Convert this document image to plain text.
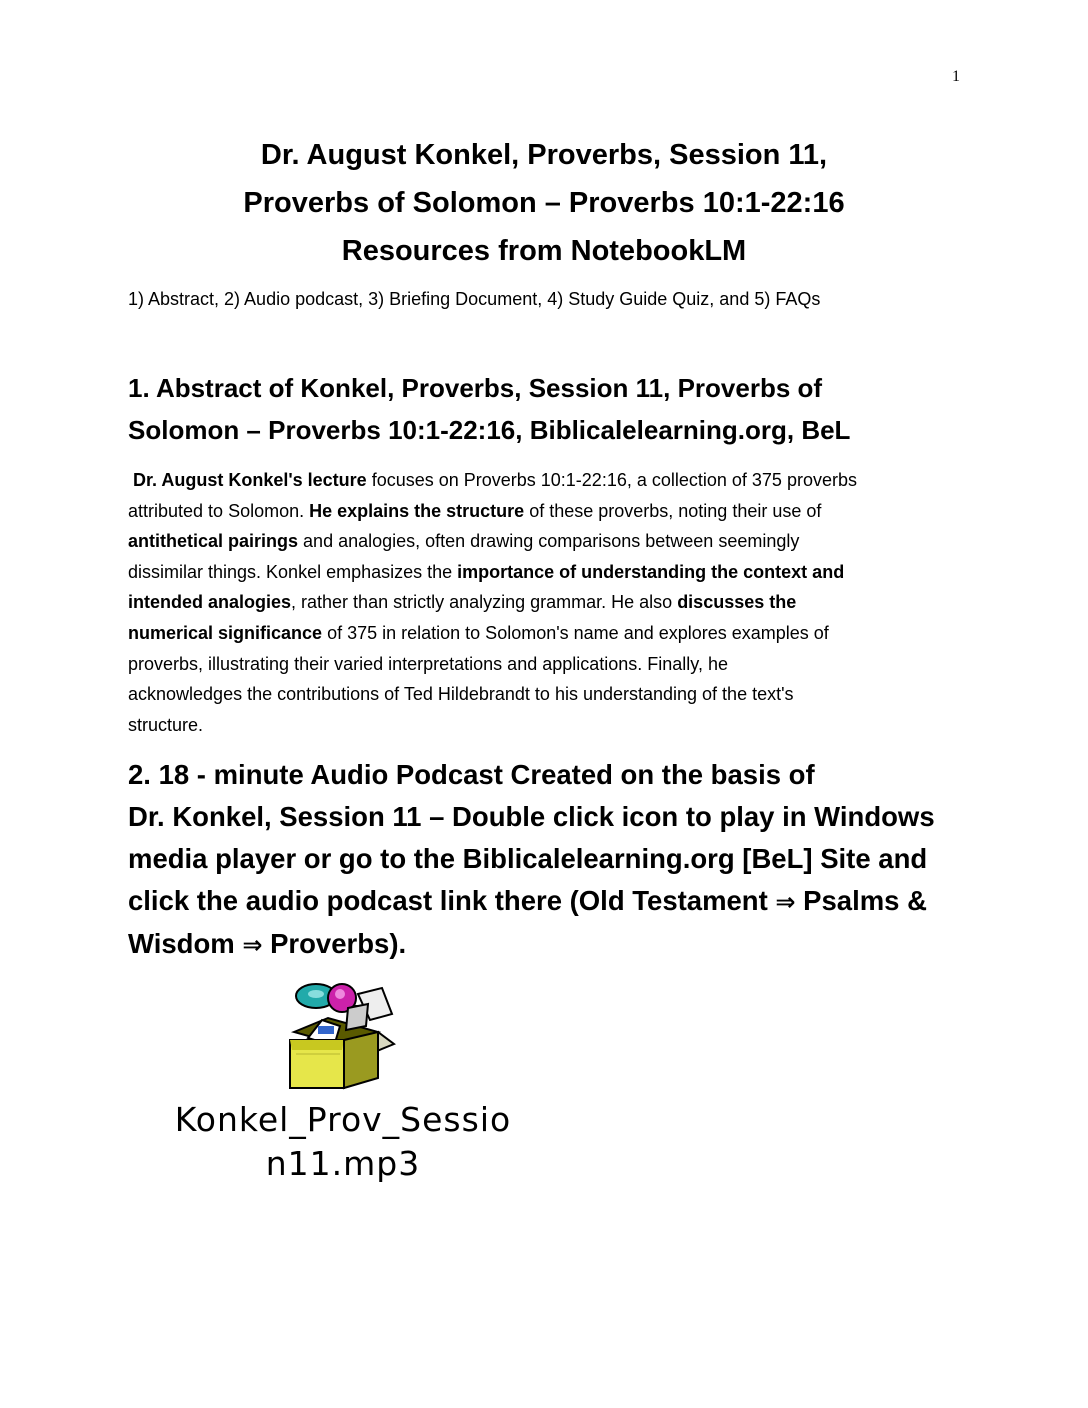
1
Dr. August Konkel, Proverbs, Session 11,
Proverbs of Solomon – Proverbs 10:1-22:16
Resources from NotebookLM
1) Abstract, 2) Audio podcast, 3) Briefing Document, 4) Study Guide Quiz, and 5) FAQs
1. Abstract of Konkel, Proverbs, Session 11, Proverbs of
Solomon – Proverbs 10:1-22:16, Biblicalelearning.org, BeL
Dr. August Konkel's lecture focuses on Proverbs 10:1-22:16, a collection of 375 proverbs
attributed to Solomon. He explains the structure of these proverbs, noting their use of
antithetical pairings and analogies, often drawing comparisons between seemingly
dissimilar things. Konkel emphasizes the importance of understanding the context and
intended analogies, rather than strictly analyzing grammar. He also discusses the
numerical significance of 375 in relation to Solomon's name and explores examples of
proverbs, illustrating their varied interpretations and applications. Finally, he
acknowledges the contributions of Ted Hildebrandt to his understanding of the text's
structure.
2. 18 - minute Audio Podcast Created on the basis of
Dr. Konkel, Session 11 – Double click icon to play in Windows
media player or go to the Biblicalelearning.org [BeL] Site and
click the audio podcast link there (Old Testament ⇒ Psalms &
Wisdom ⇒ Proverbs).
Konkel_Prov_Sessio
n11.mp3
